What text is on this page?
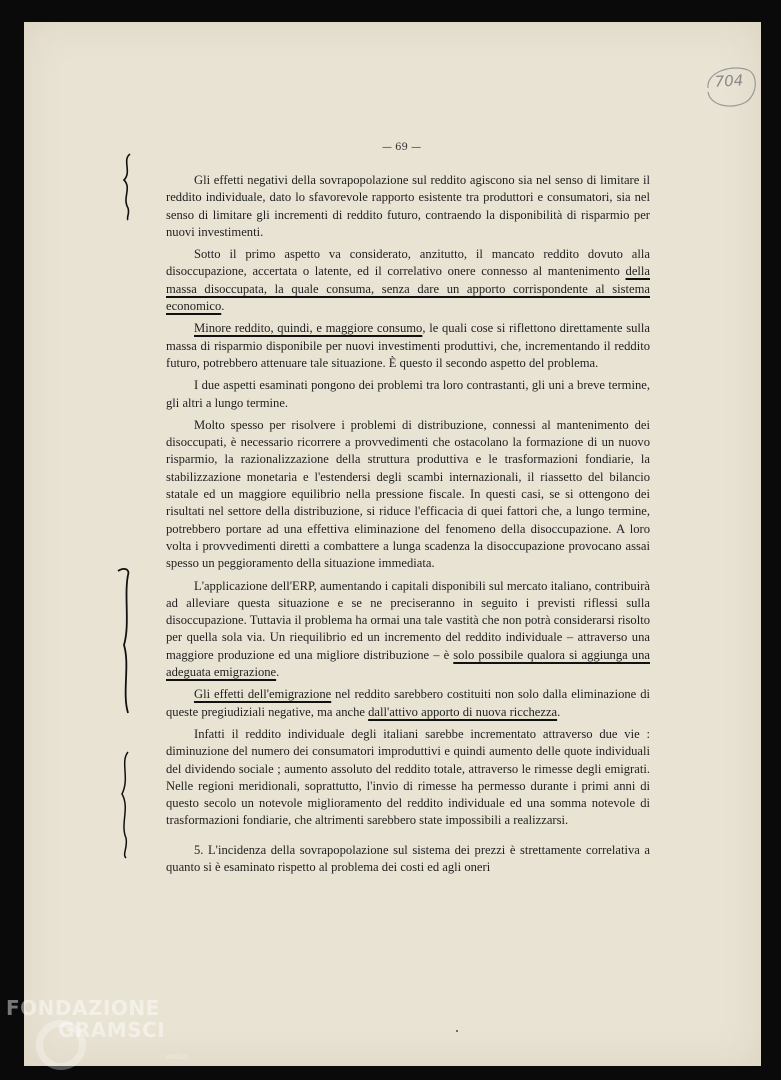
— 69 —
704

Gli effetti negativi della sovrapopolazione sul reddito agiscono sia nel senso di limitare il reddito individuale, dato lo sfavorevole rapporto esistente tra produttori e consumatori, sia nel senso di limitare gli incrementi di reddito futuro, contraendo la disponibilità di risparmio per nuovi investimenti.

Sotto il primo aspetto va considerato, anzitutto, il mancato reddito dovuto alla disoccupazione, accertata o latente, ed il correlativo onere connesso al mantenimento della massa disoccupata, la quale consuma, senza dare un apporto corrispondente al sistema economico.

Minore reddito, quindi, e maggiore consumo, le quali cose si riflettono direttamente sulla massa di risparmio disponibile per nuovi investimenti produttivi, che, incrementando il reddito futuro, potrebbero attenuare tale situazione. È questo il secondo aspetto del problema.

I due aspetti esaminati pongono dei problemi tra loro contrastanti, gli uni a breve termine, gli altri a lungo termine.

Molto spesso per risolvere i problemi di distribuzione, connessi al mantenimento dei disoccupati, è necessario ricorrere a provvedimenti che ostacolano la formazione di un nuovo risparmio, la razionalizzazione della struttura produttiva e le trasformazioni fondiarie, la stabilizzazione monetaria e l'estendersi degli scambi internazionali, il riassetto del bilancio statale ed un maggiore equilibrio nella pressione fiscale. In questi casi, se si ottengono dei risultati nel settore della distribuzione, si riduce l'efficacia di quei fattori che, a lungo termine, potrebbero portare ad una effettiva eliminazione del fenomeno della disoccupazione. A loro volta i provvedimenti diretti a combattere a lunga scadenza la disoccupazione provocano assai spesso un peggioramento della situazione immediata.

L'applicazione dell'ERP, aumentando i capitali disponibili sul mercato italiano, contribuirà ad alleviare questa situazione e se ne preciseranno in seguito i previsti riflessi sulla disoccupazione. Tuttavia il problema ha ormai una tale vastità che non potrà considerarsi risolto per quella sola via. Un riequilibrio ed un incremento del reddito individuale – attraverso una maggiore produzione ed una migliore distribuzione – è solo possibile qualora si aggiunga una adeguata emigrazione.

Gli effetti dell'emigrazione nel reddito sarebbero costituiti non solo dalla eliminazione di queste pregiudiziali negative, ma anche dall'attivo apporto di nuova ricchezza.

Infatti il reddito individuale degli italiani sarebbe incrementato attraverso due vie : diminuzione del numero dei consumatori improduttivi e quindi aumento delle quote individuali del dividendo sociale ; aumento assoluto del reddito totale, attraverso le rimesse degli emigrati. Nelle regioni meridionali, soprattutto, l'invio di rimesse ha permesso durante i primi anni di questo secolo un notevole miglioramento del reddito individuale ed una somma notevole di trasformazioni fondiarie, che altrimenti sarebbero state impossibili a realizzarsi.

5. L'incidenza della sovrapopolazione sul sistema dei prezzi è strettamente correlativa a quanto si è esaminato rispetto al problema dei costi ed agli oneri

FONDAZIONE
GRAMSCI
onlus
